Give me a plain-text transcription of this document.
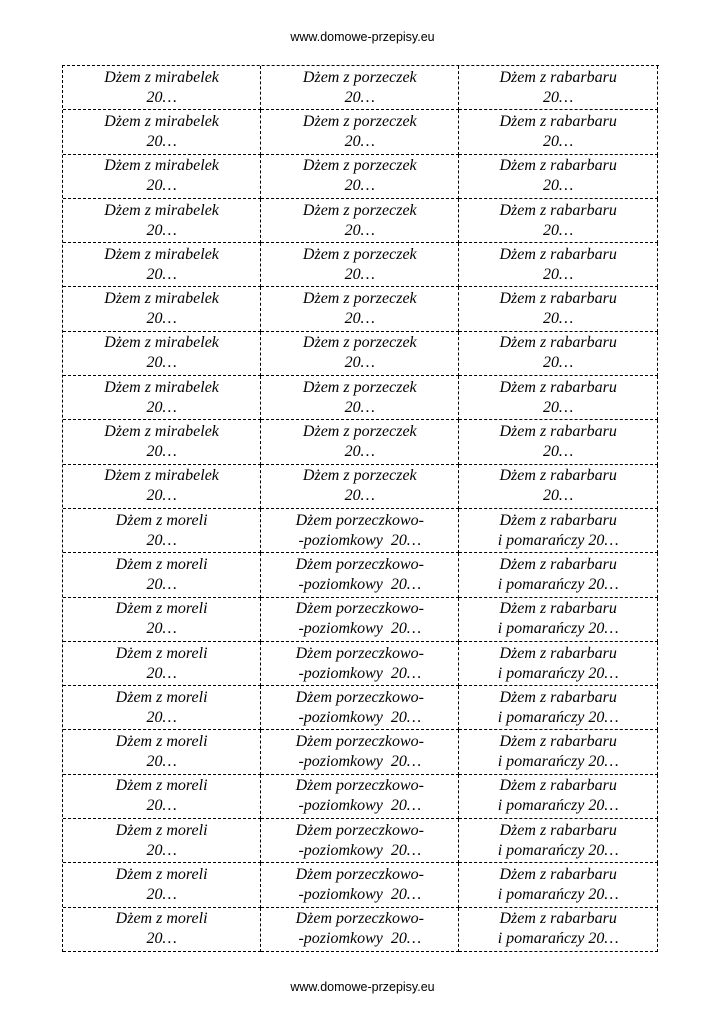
www.domowe-przepisy.eu
Dżem z mirabelek
20…
Dżem z porzeczek
20…
Dżem z rabarbaru
20…
Dżem z mirabelek
20…
Dżem z porzeczek
20…
Dżem z rabarbaru
20…
Dżem z mirabelek
20…
Dżem z porzeczek
20…
Dżem z rabarbaru
20…
Dżem z mirabelek
20…
Dżem z porzeczek
20…
Dżem z rabarbaru
20…
Dżem z mirabelek
20…
Dżem z porzeczek
20…
Dżem z rabarbaru
20…
Dżem z mirabelek
20…
Dżem z porzeczek
20…
Dżem z rabarbaru
20…
Dżem z mirabelek
20…
Dżem z porzeczek
20…
Dżem z rabarbaru
20…
Dżem z mirabelek
20…
Dżem z porzeczek
20…
Dżem z rabarbaru
20…
Dżem z mirabelek
20…
Dżem z porzeczek
20…
Dżem z rabarbaru
20…
Dżem z mirabelek
20…
Dżem z porzeczek
20…
Dżem z rabarbaru
20…
Dżem z moreli
20…
Dżem porzeczkowo-
-poziomkowy  20…
Dżem z rabarbaru
i pomarańczy 20…
Dżem z moreli
20…
Dżem porzeczkowo-
-poziomkowy  20…
Dżem z rabarbaru
i pomarańczy 20…
Dżem z moreli
20…
Dżem porzeczkowo-
-poziomkowy  20…
Dżem z rabarbaru
i pomarańczy 20…
Dżem z moreli
20…
Dżem porzeczkowo-
-poziomkowy  20…
Dżem z rabarbaru
i pomarańczy 20…
Dżem z moreli
20…
Dżem porzeczkowo-
-poziomkowy  20…
Dżem z rabarbaru
i pomarańczy 20…
Dżem z moreli
20…
Dżem porzeczkowo-
-poziomkowy  20…
Dżem z rabarbaru
i pomarańczy 20…
Dżem z moreli
20…
Dżem porzeczkowo-
-poziomkowy  20…
Dżem z rabarbaru
i pomarańczy 20…
Dżem z moreli
20…
Dżem porzeczkowo-
-poziomkowy  20…
Dżem z rabarbaru
i pomarańczy 20…
Dżem z moreli
20…
Dżem porzeczkowo-
-poziomkowy  20…
Dżem z rabarbaru
i pomarańczy 20…
Dżem z moreli
20…
Dżem porzeczkowo-
-poziomkowy  20…
Dżem z rabarbaru
i pomarańczy 20…
www.domowe-przepisy.eu
